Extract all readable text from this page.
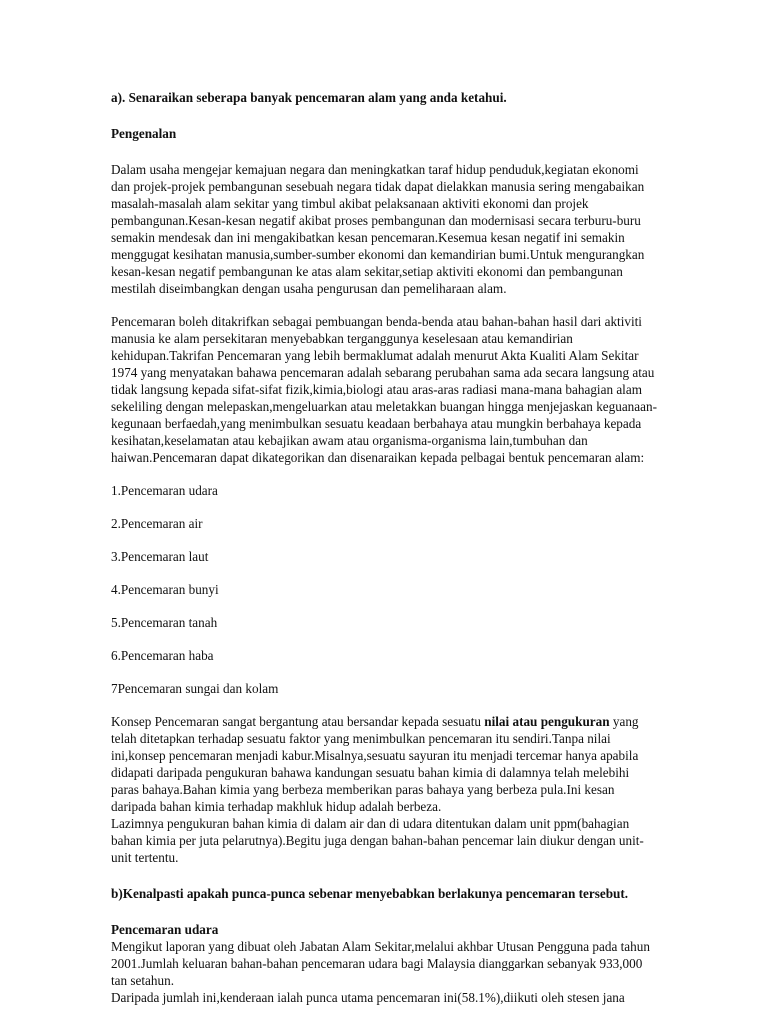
a). Senaraikan seberapa banyak pencemaran alam yang anda ketahui.

Pengenalan

Dalam usaha mengejar kemajuan negara dan meningkatkan taraf hidup penduduk,kegiatan ekonomi dan projek-projek pembangunan sesebuah negara tidak dapat dielakkan manusia sering mengabaikan masalah-masalah alam sekitar yang timbul akibat pelaksanaan aktiviti ekonomi dan projek pembangunan.Kesan-kesan negatif akibat proses pembangunan dan modernisasi secara terburu-buru semakin mendesak dan ini mengakibatkan kesan pencemaran.Kesemua kesan negatif ini semakin menggugat kesihatan manusia,sumber-sumber ekonomi dan kemandirian bumi.Untuk mengurangkan kesan-kesan negatif pembangunan ke atas alam sekitar,setiap aktiviti ekonomi dan pembangunan mestilah diseimbangkan dengan usaha pengurusan dan pemeliharaan alam.

Pencemaran boleh ditakrifkan sebagai pembuangan benda-benda atau bahan-bahan hasil dari aktiviti manusia ke alam persekitaran menyebabkan terganggunya keselesaan atau kemandirian kehidupan.Takrifan Pencemaran yang lebih bermaklumat adalah menurut Akta Kualiti Alam Sekitar 1974 yang menyatakan bahawa pencemaran adalah sebarang perubahan sama ada secara langsung atau tidak langsung kepada sifat-sifat fizik,kimia,biologi atau aras-aras radiasi mana-mana bahagian alam sekeliling dengan melepaskan,mengeluarkan atau meletakkan buangan hingga menjejaskan keguanaan-kegunaan berfaedah,yang menimbulkan sesuatu keadaan berbahaya atau mungkin berbahaya kepada kesihatan,keselamatan atau kebajikan awam atau organisma-organisma lain,tumbuhan dan haiwan.Pencemaran dapat dikategorikan dan disenaraikan kepada pelbagai bentuk pencemaran alam:

1.Pencemaran udara
2.Pencemaran air
3.Pencemaran laut
4.Pencemaran bunyi
5.Pencemaran tanah
6.Pencemaran haba
7Pencemaran sungai dan kolam

Konsep Pencemaran sangat bergantung atau bersandar kepada sesuatu nilai atau pengukuran yang telah ditetapkan terhadap sesuatu faktor yang menimbulkan pencemaran itu sendiri.Tanpa nilai ini,konsep pencemaran menjadi kabur.Misalnya,sesuatu sayuran itu menjadi tercemar hanya apabila didapati daripada pengukuran bahawa kandungan sesuatu bahan kimia di dalamnya telah melebihi paras bahaya.Bahan kimia yang berbeza memberikan paras bahaya yang berbeza pula.Ini kesan daripada bahan kimia terhadap makhluk hidup adalah berbeza.

Lazimnya pengukuran bahan kimia di dalam air dan di udara ditentukan dalam unit ppm(bahagian bahan kimia per juta pelarutnya).Begitu juga dengan bahan-bahan pencemar lain diukur dengan unit-unit tertentu.

b)Kenalpasti apakah punca-punca sebenar menyebabkan berlakunya pencemaran tersebut.

Pencemaran udara

Mengikut laporan yang dibuat oleh Jabatan Alam Sekitar,melalui akhbar Utusan Pengguna pada tahun 2001.Jumlah keluaran bahan-bahan pencemaran udara bagi Malaysia dianggarkan sebanyak 933,000 tan setahun.

Daripada jumlah ini,kenderaan ialah punca utama pencemaran ini(58.1%),diikuti oleh stesen jana
